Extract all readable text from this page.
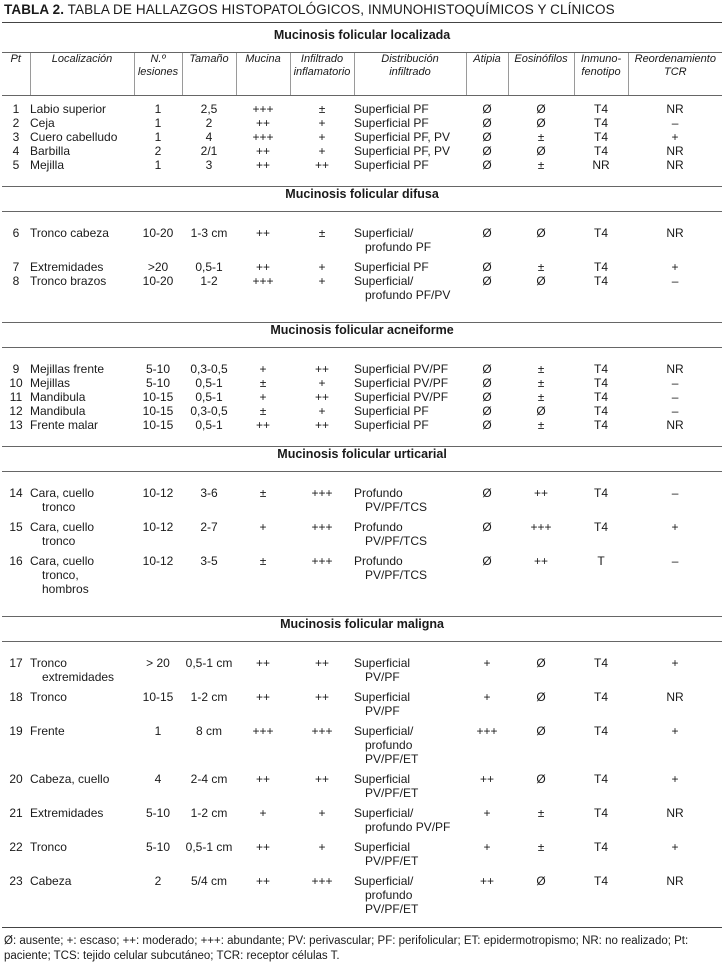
TABLA 2. TABLA DE HALLAZGOS HISTOPATOLÓGICOS, INMUNOHISTOQUÍMICOS Y CLÍNICOS
Mucinosis folicular localizada										
Pt	Localización	N.º
lesiones	Tamaño	Mucina	Infiltrado
inflamatorio	Distribución
infiltrado	Atipia	Eosinófilos	Inmuno-
fenotipo	Reordenamiento
TCR

1	Labio superior	1	2,5	+++	±	Superficial PF	Ø	Ø	T4	NR
2	Ceja	1	2	++	+	Superficial PF	Ø	Ø	T4	–
3	Cuero cabelludo	1	4	+++	+	Superficial PF, PV	Ø	±	T4	+
4	Barbilla	2	2/1	++	+	Superficial PF, PV	Ø	Ø	T4	NR
5	Mejilla	1	3	++	++	Superficial PF	Ø	±	NR	NR

Mucinosis folicular difusa										

6	Tronco cabeza	10-20	1-3 cm	++	±	Superficial/
profundo PF	Ø	Ø	T4	NR

7	Extremidades	>20	0,5-1	++	+	Superficial PF	Ø	±	T4	+
8	Tronco brazos	10-20	1-2	+++	+	Superficial/
profundo PF/PV	Ø	Ø	T4	–

Mucinosis folicular acneiforme										

9	Mejillas frente	5-10	0,3-0,5	+	++	Superficial PV/PF	Ø	±	T4	NR
10	Mejillas	5-10	0,5-1	±	+	Superficial PV/PF	Ø	±	T4	–
11	Mandibula	10-15	0,5-1	+	++	Superficial PV/PF	Ø	±	T4	–
12	Mandibula	10-15	0,3-0,5	±	+	Superficial PF	Ø	Ø	T4	–
13	Frente malar	10-15	0,5-1	++	++	Superficial PF	Ø	±	T4	NR

Mucinosis folicular urticarial										

14	Cara, cuello
tronco	10-12	3-6	±	+++	Profundo
PV/PF/TCS	Ø	++	T4	–

15	Cara, cuello
tronco	10-12	2-7	+	+++	Profundo
PV/PF/TCS	Ø	+++	T4	+

16	Cara, cuello
tronco,
hombros	10-12	3-5	±	+++	Profundo
PV/PF/TCS	Ø	++	T	–

Mucinosis folicular maligna										

17	Tronco
extremidades	> 20	0,5-1 cm	++	++	Superficial
PV/PF	+	Ø	T4	+

18	Tronco	10-15	1-2 cm	++	++	Superficial
PV/PF	+	Ø	T4	NR

19	Frente	1	8 cm	+++	+++	Superficial/
profundo
PV/PF/ET	+++	Ø	T4	+

20	Cabeza, cuello	4	2-4 cm	++	++	Superficial
PV/PF/ET	++	Ø	T4	+

21	Extremidades	5-10	1-2 cm	+	+	Superficial/
profundo PV/PF	+	±	T4	NR

22	Tronco	5-10	0,5-1 cm	++	+	Superficial
PV/PF/ET	+	±	T4	+

23	Cabeza	2	5/4 cm	++	+++	Superficial/
profundo
PV/PF/ET	++	Ø	T4	NR

Ø: ausente; +: escaso; ++: moderado; +++: abundante; PV: perivascular; PF: perifolicular; ET: epidermotropismo; NR: no realizado; Pt: paciente; TCS: tejido celular subcutáneo; TCR: receptor células T.
